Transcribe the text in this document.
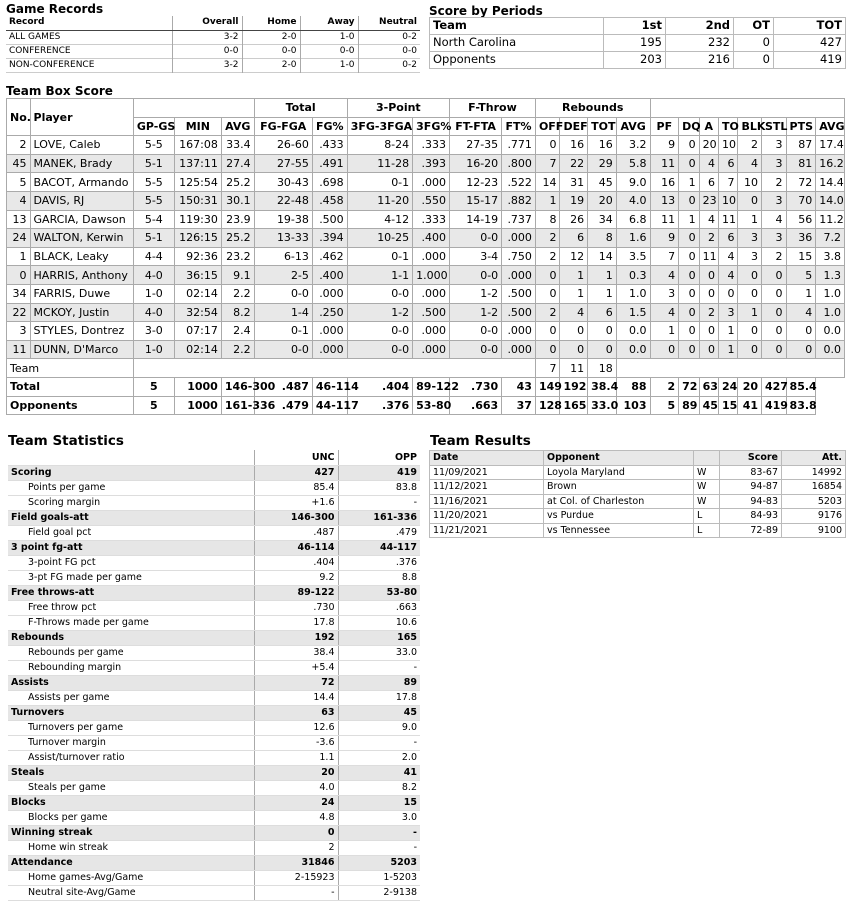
Game Records
Record	Overall	Home	Away	Neutral
ALL GAMES	3-2	2-0	1-0	0-2
CONFERENCE	0-0	0-0	0-0	0-0
NON-CONFERENCE	3-2	2-0	1-0	0-2
Score by Periods
Team	1st	2nd	OT	TOT
North Carolina	195	232	0	427
Opponents	203	216	0	419
Team Box Score
No.	Player				Total		3-Point		F-Throw		Rebounds											
		GP-GS	MIN	AVG	FG-FGA	FG%	3FG-3FGA	3FG%	FT-FTA	FT%	OFF	DEF	TOT	AVG	PF	DQ	A	TO	BLK	STL	PTS	AVG
2	LOVE, Caleb	5-5	167:08	33.4	26-60	.433	8-24	.333	27-35	.771	0	16	16	3.2	9	0	20	10	2	3	87	17.4
45	MANEK, Brady	5-1	137:11	27.4	27-55	.491	11-28	.393	16-20	.800	7	22	29	5.8	11	0	4	6	4	3	81	16.2
5	BACOT, Armando	5-5	125:54	25.2	30-43	.698	0-1	.000	12-23	.522	14	31	45	9.0	16	1	6	7	10	2	72	14.4
4	DAVIS, RJ	5-5	150:31	30.1	22-48	.458	11-20	.550	15-17	.882	1	19	20	4.0	13	0	23	10	0	3	70	14.0
13	GARCIA, Dawson	5-4	119:30	23.9	19-38	.500	4-12	.333	14-19	.737	8	26	34	6.8	11	1	4	11	1	4	56	11.2
24	WALTON, Kerwin	5-1	126:15	25.2	13-33	.394	10-25	.400	0-0	.000	2	6	8	1.6	9	0	2	6	3	3	36	7.2
1	BLACK, Leaky	4-4	92:36	23.2	6-13	.462	0-1	.000	3-4	.750	2	12	14	3.5	7	0	11	4	3	2	15	3.8
0	HARRIS, Anthony	4-0	36:15	9.1	2-5	.400	1-1	1.000	0-0	.000	0	1	1	0.3	4	0	0	4	0	0	5	1.3
34	FARRIS, Duwe	1-0	02:14	2.2	0-0	.000	0-0	.000	1-2	.500	0	1	1	1.0	3	0	0	0	0	0	1	1.0
22	MCKOY, Justin	4-0	32:54	8.2	1-4	.250	1-2	.500	1-2	.500	2	4	6	1.5	4	0	2	3	1	0	4	1.0
3	STYLES, Dontrez	3-0	07:17	2.4	0-1	.000	0-0	.000	0-0	.000	0	0	0	0.0	1	0	0	1	0	0	0	0.0
11	DUNN, D'Marco	1-0	02:14	2.2	0-0	.000	0-0	.000	0-0	.000	0	0	0	0.0	0	0	0	1	0	0	0	0.0
Team											7	11	18									
Total		5	1000	146-300	.487	46-114	.404	89-122	.730	43	149	192	38.4	88	2	72	63	24	20	427	85.4	
Opponents		5	1000	161-336	.479	44-117	.376	53-80	.663	37	128	165	33.0	103	5	89	45	15	41	419	83.8	
Team Statistics
	UNC	OPP
Scoring	427	419
Points per game	85.4	83.8
Scoring margin	+1.6	-
Field goals-att	146-300	161-336
Field goal pct	.487	.479
3 point fg-att	46-114	44-117
3-point FG pct	.404	.376
3-pt FG made per game	9.2	8.8
Free throws-att	89-122	53-80
Free throw pct	.730	.663
F-Throws made per game	17.8	10.6
Rebounds	192	165
Rebounds per game	38.4	33.0
Rebounding margin	+5.4	-
Assists	72	89
Assists per game	14.4	17.8
Turnovers	63	45
Turnovers per game	12.6	9.0
Turnover margin	-3.6	-
Assist/turnover ratio	1.1	2.0
Steals	20	41
Steals per game	4.0	8.2
Blocks	24	15
Blocks per game	4.8	3.0
Winning streak	0	-
Home win streak	2	-
Attendance	31846	5203
Home games-Avg/Game	2-15923	1-5203
Neutral site-Avg/Game	-	2-9138
Team Results
Date	Opponent		Score	Att.
11/09/2021	Loyola Maryland	W	83-67	14992
11/12/2021	Brown	W	94-87	16854
11/16/2021	at Col. of Charleston	W	94-83	5203
11/20/2021	vs Purdue	L	84-93	9176
11/21/2021	vs Tennessee	L	72-89	9100
